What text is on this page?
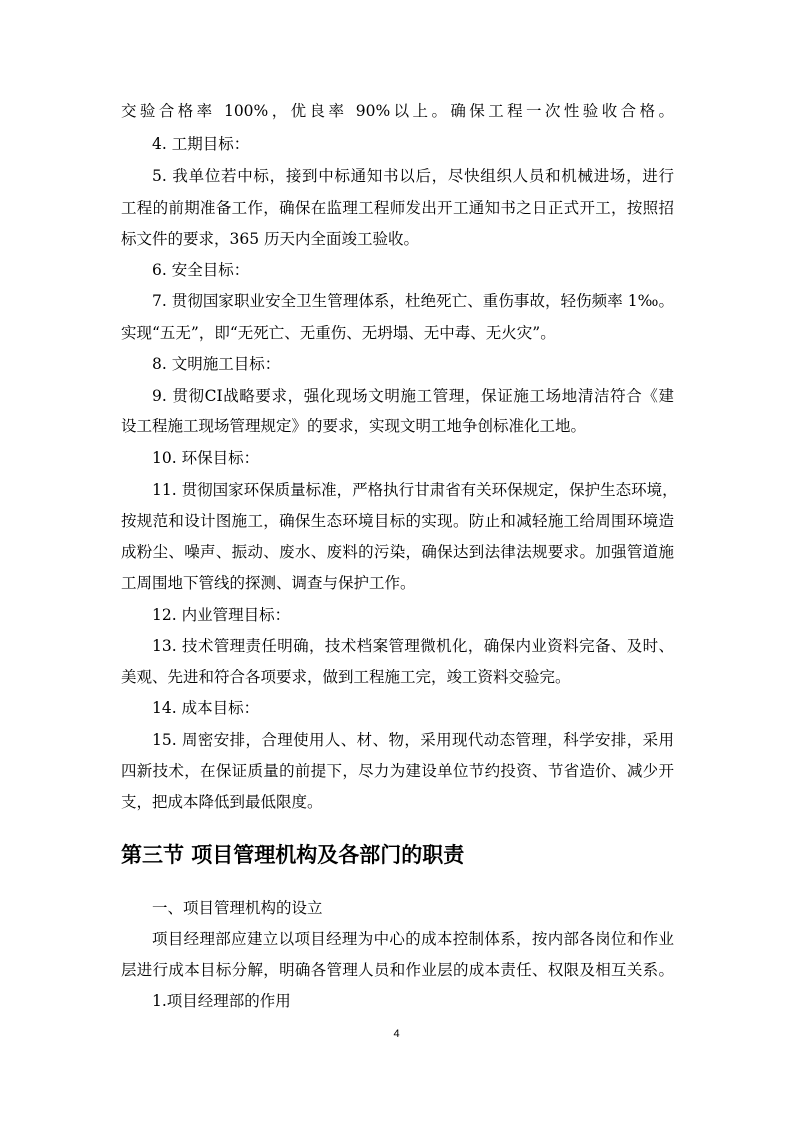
交验合格率 100%，优良率 90%以上。确保工程一次性验收合格。
4. 工期目标：
5. 我单位若中标，接到中标通知书以后，尽快组织人员和机械进场，进行
工程的前期准备工作，确保在监理工程师发出开工通知书之日正式开工，按照招
标文件的要求，365 历天内全面竣工验收。
6. 安全目标：
7. 贯彻国家职业安全卫生管理体系，杜绝死亡、重伤事故，轻伤频率 1‰。
实现“五无”，即“无死亡、无重伤、无坍塌、无中毒、无火灾”。
8. 文明施工目标：
9. 贯彻CI战略要求，强化现场文明施工管理，保证施工场地清洁符合《建
设工程施工现场管理规定》的要求，实现文明工地争创标准化工地。
10. 环保目标：
11. 贯彻国家环保质量标准，严格执行甘肃省有关环保规定，保护生态环境，
按规范和设计图施工，确保生态环境目标的实现。防止和减轻施工给周围环境造
成粉尘、噪声、振动、废水、废料的污染，确保达到法律法规要求。加强管道施
工周围地下管线的探测、调查与保护工作。
12. 内业管理目标：
13. 技术管理责任明确，技术档案管理微机化，确保内业资料完备、及时、
美观、先进和符合各项要求，做到工程施工完，竣工资料交验完。
14. 成本目标：
15. 周密安排，合理使用人、材、物，采用现代动态管理，科学安排，采用
四新技术，在保证质量的前提下，尽力为建设单位节约投资、节省造价、减少开
支，把成本降低到最低限度。
第三节 项目管理机构及各部门的职责
一、项目管理机构的设立
项目经理部应建立以项目经理为中心的成本控制体系，按内部各岗位和作业
层进行成本目标分解，明确各管理人员和作业层的成本责任、权限及相互关系。
1.项目经理部的作用
4
